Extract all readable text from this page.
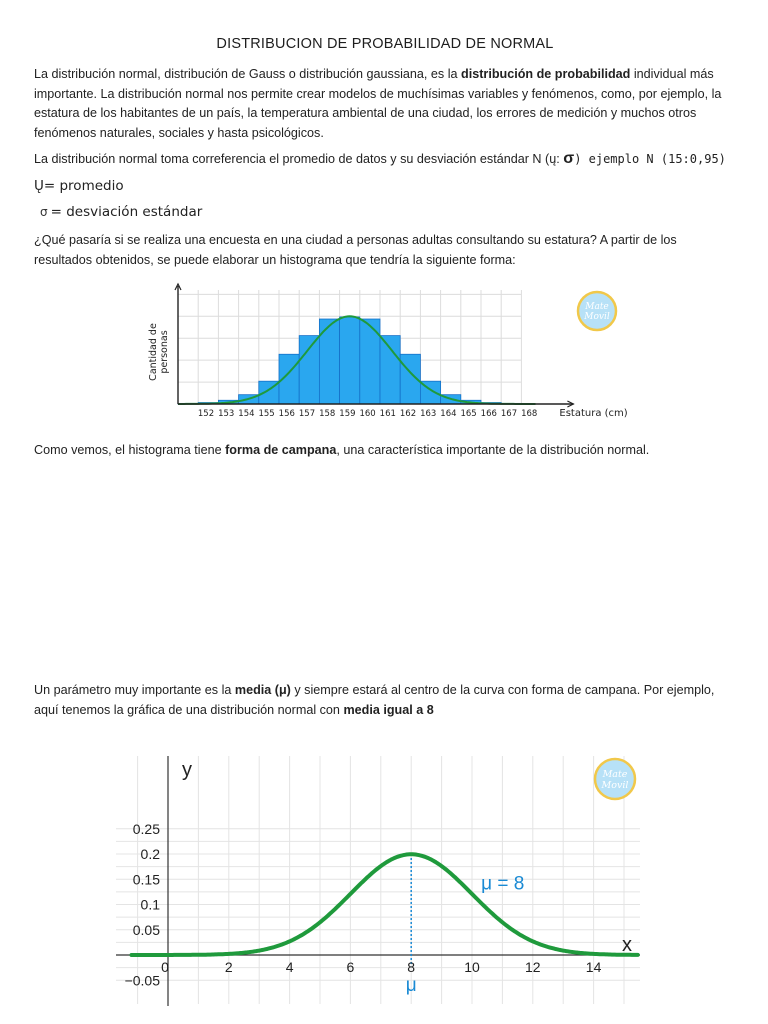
DISTRIBUCION DE PROBABILIDAD DE NORMAL
La distribución normal, distribución de Gauss o distribución gaussiana, es la distribución de probabilidad individual más importante. La distribución normal nos permite crear modelos de muchísimas variables y fenómenos, como, por ejemplo, la estatura de los habitantes de un país, la temperatura ambiental de una ciudad, los errores de medición y muchos otros fenómenos naturales, sociales y hasta psicológicos.
La distribución normal toma correferencia el promedio de datos y su desviación estándar N (ų: σ) ejemplo N (15:0,95)
Ų= promedio
σ = desviación estándar
¿Qué pasaría si se realiza una encuesta en una ciudad a personas adultas consultando su estatura? A partir de los resultados obtenidos, se puede elaborar un histograma que tendría la siguiente forma:
Como vemos, el histograma tiene forma de campana, una característica importante de la distribución normal.
Un parámetro muy importante es la media (μ) y siempre estará al centro de la curva con forma de campana. Por ejemplo, aquí tenemos la gráfica de una distribución normal con media igual a 8
152 153 154 155 156 157 158 159 160 161 162 163 164 165 166 167 168 Estatura (cm)
Cantidad de personas
Mate
Movil
0	2	4	6	8	10	12	14
0.25
0.2
0.15
0.1
0.05
−0.05
y
x
μ = 8
μ
Mate
Movil
